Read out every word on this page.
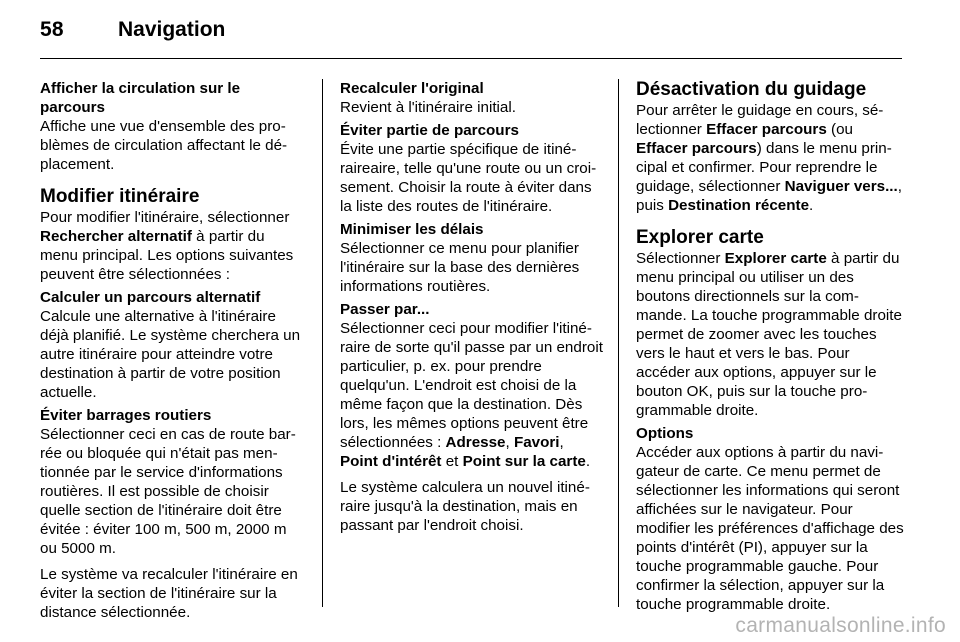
58	Navigation

Afficher la circulation sur le parcours

Affiche une vue d'ensemble des problèmes de circulation affectant le déplacement.

Modifier itinéraire

Pour modifier l'itinéraire, sélectionner Rechercher alternatif à partir du menu principal. Les options suivantes peuvent être sélectionnées :

Calculer un parcours alternatif

Calcule une alternative à l'itinéraire déjà planifié. Le système cherchera un autre itinéraire pour atteindre votre destination à partir de votre position actuelle.

Éviter barrages routiers

Sélectionner ceci en cas de route barrée ou bloquée qui n'était pas mentionnée par le service d'informations routières. Il est possible de choisir quelle section de l'itinéraire doit être évitée : éviter 100 m, 500 m, 2000 m ou 5000 m.

Le système va recalculer l'itinéraire en éviter la section de l'itinéraire sur la distance sélectionnée.

Recalculer l'original

Revient à l'itinéraire initial.

Éviter partie de parcours

Évite une partie spécifique de itinéraireaire, telle qu'une route ou un croisement. Choisir la route à éviter dans la liste des routes de l'itinéraire.

Minimiser les délais

Sélectionner ce menu pour planifier l'itinéraire sur la base des dernières informations routières.

Passer par...

Sélectionner ceci pour modifier l'itinéraire de sorte qu'il passe par un endroit particulier, p. ex. pour prendre quelqu'un. L'endroit est choisi de la même façon que la destination. Dès lors, les mêmes options peuvent être sélectionnées : Adresse, Favori, Point d'intérêt et Point sur la carte.

Le système calculera un nouvel itinéraire jusqu'à la destination, mais en passant par l'endroit choisi.

Désactivation du guidage

Pour arrêter le guidage en cours, sélectionner Effacer parcours (ou Effacer parcours) dans le menu principal et confirmer. Pour reprendre le guidage, sélectionner Naviguer vers..., puis Destination récente.

Explorer carte

Sélectionner Explorer carte à partir du menu principal ou utiliser un des boutons directionnels sur la commande. La touche programmable droite permet de zoomer avec les touches vers le haut et vers le bas. Pour accéder aux options, appuyer sur le bouton OK, puis sur la touche programmable droite.

Options

Accéder aux options à partir du navigateur de carte. Ce menu permet de sélectionner les informations qui seront affichées sur le navigateur. Pour modifier les préférences d'affichage des points d'intérêt (PI), appuyer sur la touche programmable gauche. Pour confirmer la sélection, appuyer sur la touche programmable droite.

carmanualsonline.info
